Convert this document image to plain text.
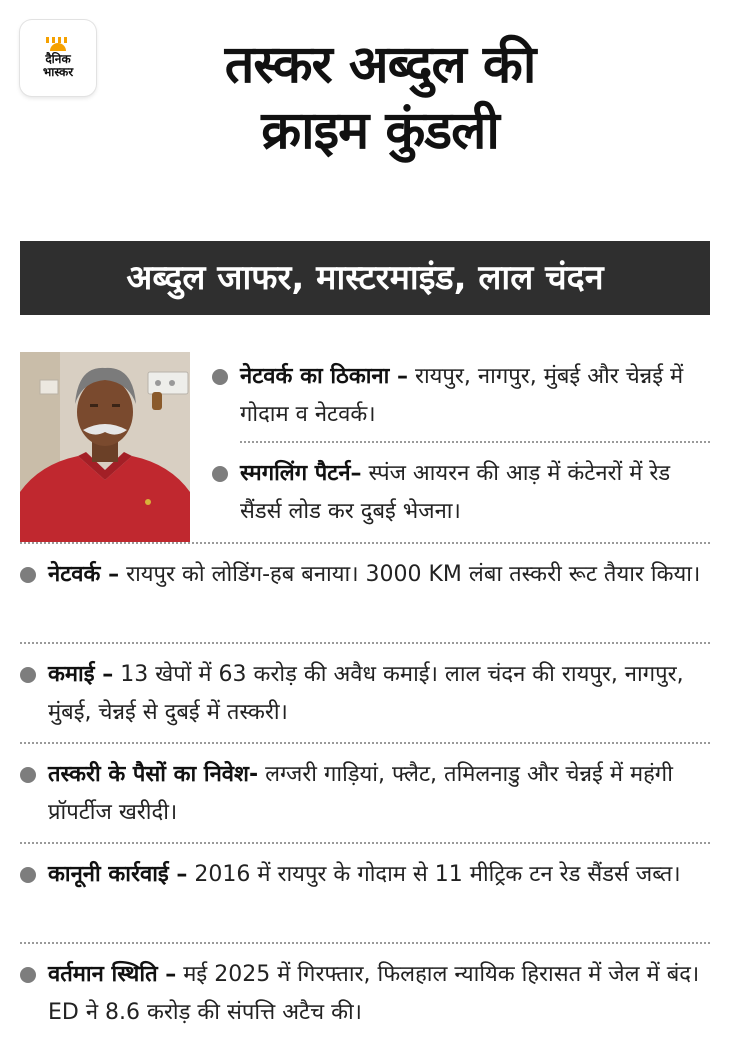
दैनिक
भास्कर	तस्कर अब्दुल की
क्राइम कुंडली
अब्दुल जाफर, मास्टरमाइंड, लाल चंदन
नेटवर्क का ठिकाना – रायपुर, नागपुर, मुंबई और चेन्नई में गोदाम व नेटवर्क।
स्मगलिंग पैटर्न– स्पंज आयरन की आड़ में कंटेनरों में रेड सैंडर्स लोड कर दुबई भेजना।
नेटवर्क – रायपुर को लोडिंग-हब बनाया। 3000 KM लंबा तस्करी रूट तैयार किया।
कमाई – 13 खेपों में 63 करोड़ की अवैध कमाई। लाल चंदन की रायपुर, नागपुर, मुंबई, चेन्नई से दुबई में तस्करी।
तस्करी के पैसों का निवेश- लग्जरी गाड़ियां, फ्लैट, तमिलनाडु और चेन्नई में महंगी प्रॉपर्टीज खरीदी।
कानूनी कार्रवाई – 2016 में रायपुर के गोदाम से 11 मीट्रिक टन रेड सैंडर्स जब्त।
वर्तमान स्थिति – मई 2025 में गिरफ्तार, फिलहाल न्यायिक हिरासत में जेल में बंद। ED ने 8.6 करोड़ की संपत्ति अटैच की।
